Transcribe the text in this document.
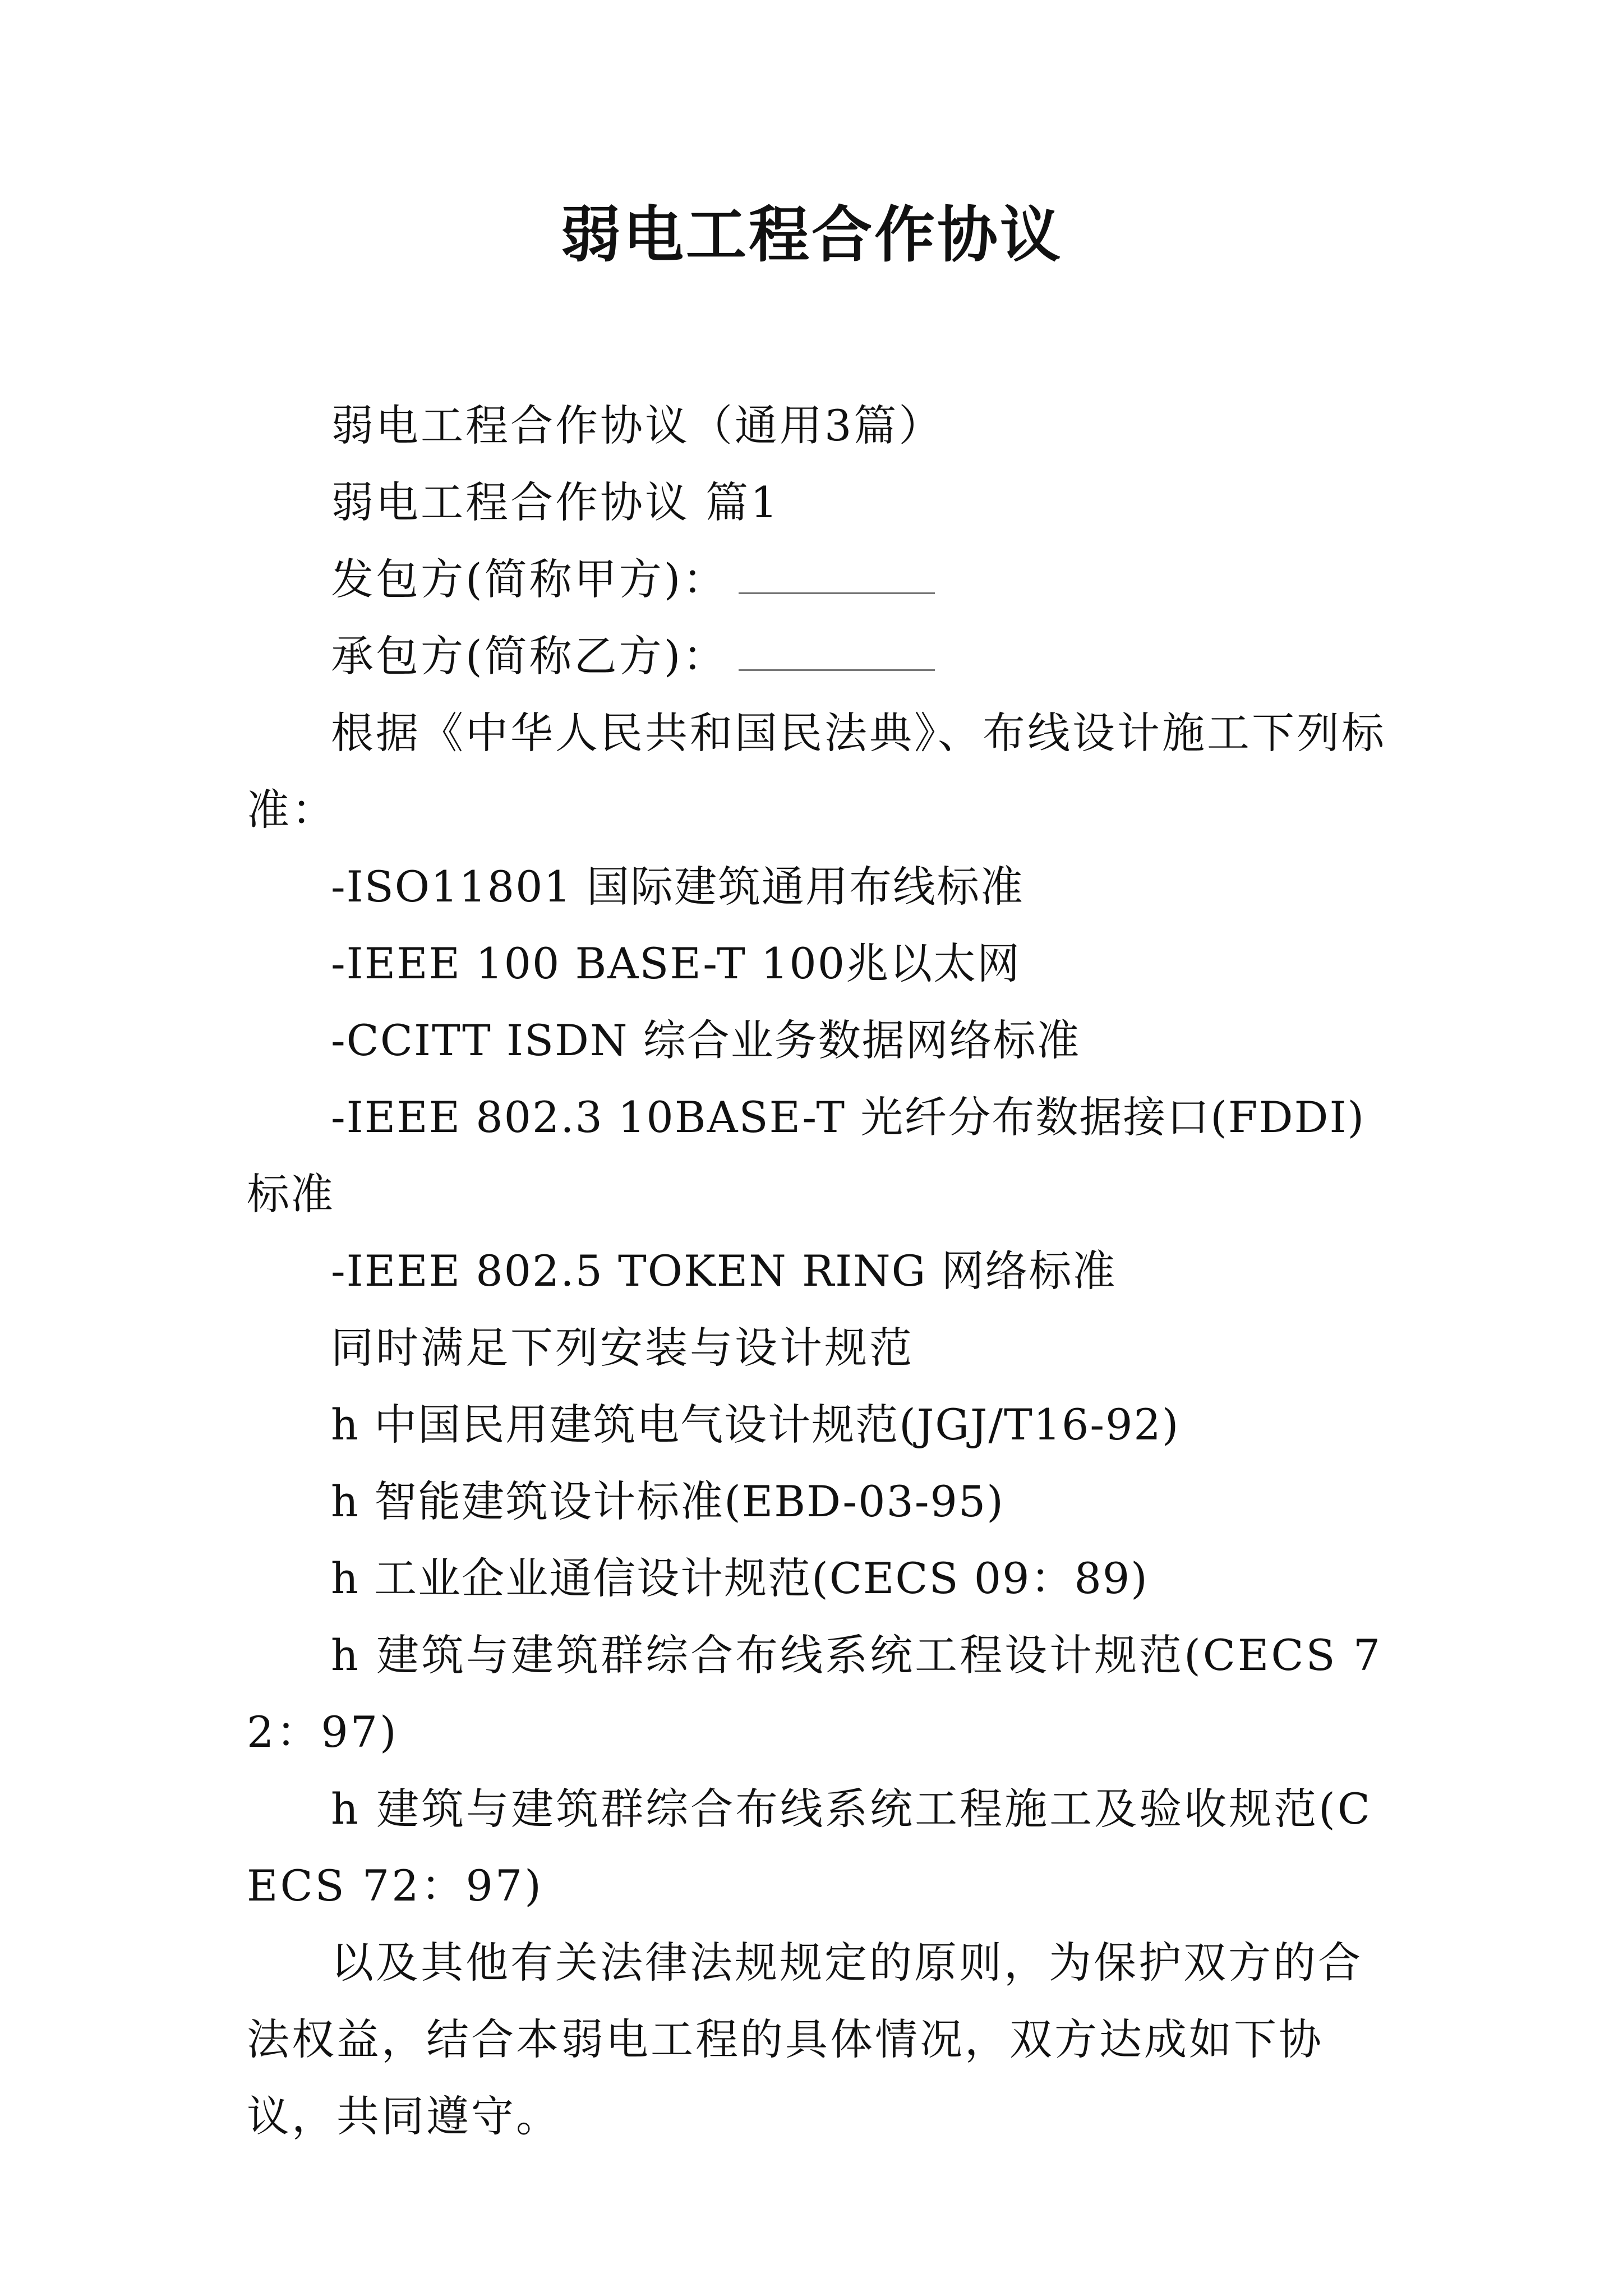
弱电工程合作协议

弱电工程合作协议（通用3篇）

弱电工程合作协议 篇1

发包方(简称甲方)：

承包方(简称乙方)：

根据《中华人民共和国民法典》、布线设计施工下列标准：

-ISO11801 国际建筑通用布线标准

-IEEE 100 BASE-T 100兆以太网

-CCITT ISDN 综合业务数据网络标准

-IEEE 802.3 10BASE-T 光纤分布数据接口(FDDI)标准

-IEEE 802.5 TOKEN RING 网络标准

同时满足下列安装与设计规范

h 中国民用建筑电气设计规范(JGJ/T16-92)

h 智能建筑设计标准(EBD-03-95)

h 工业企业通信设计规范(CECS 09：89)

h 建筑与建筑群综合布线系统工程设计规范(CECS 72：97)

h 建筑与建筑群综合布线系统工程施工及验收规范(CECS 72：97)

以及其他有关法律法规规定的原则，为保护双方的合法权益，结合本弱电工程的具体情况，双方达成如下协议，共同遵守。
